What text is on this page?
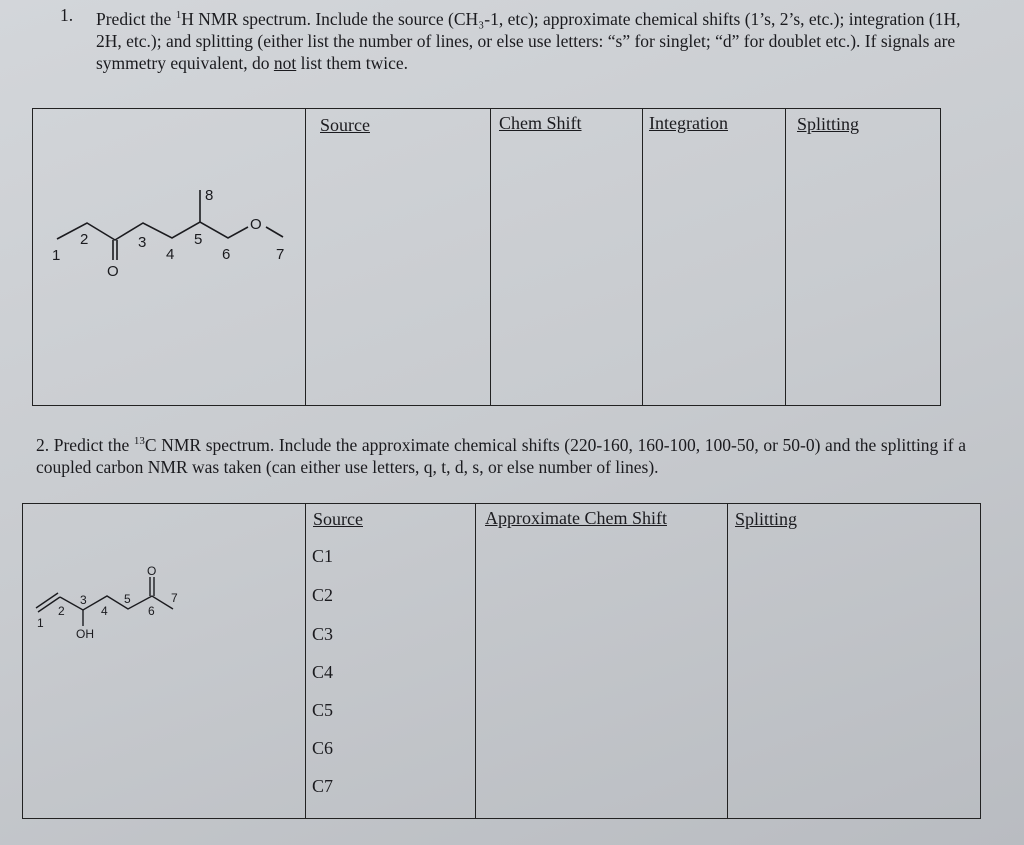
1. Predict the $^1$H NMR spectrum. Include the source (CH₃-1, etc); approximate chemical shifts (1’s, 2’s, etc.); integration (1H, 2H, etc.); and splitting (either list the number of lines, or else use letters: “s” for singlet; “d” for doublet etc.). If signals are symmetry equivalent, do not list them twice.
Source	Chem Shift	Integration	Splitting
1
2	3
4
5
6	7
8
O
O
2. Predict the $^{13}$C NMR spectrum. Include the approximate chemical shifts (220-160, 160-100, 100-50, or 50-0) and the splitting if a coupled carbon NMR was taken (can either use letters, q, t, d, s, or else number of lines).
Source	Approximate Chem Shift	Splitting
C1
C2
C3
C4
C5
C6
C7
1
2
3
4
5
6
7
O
OH
